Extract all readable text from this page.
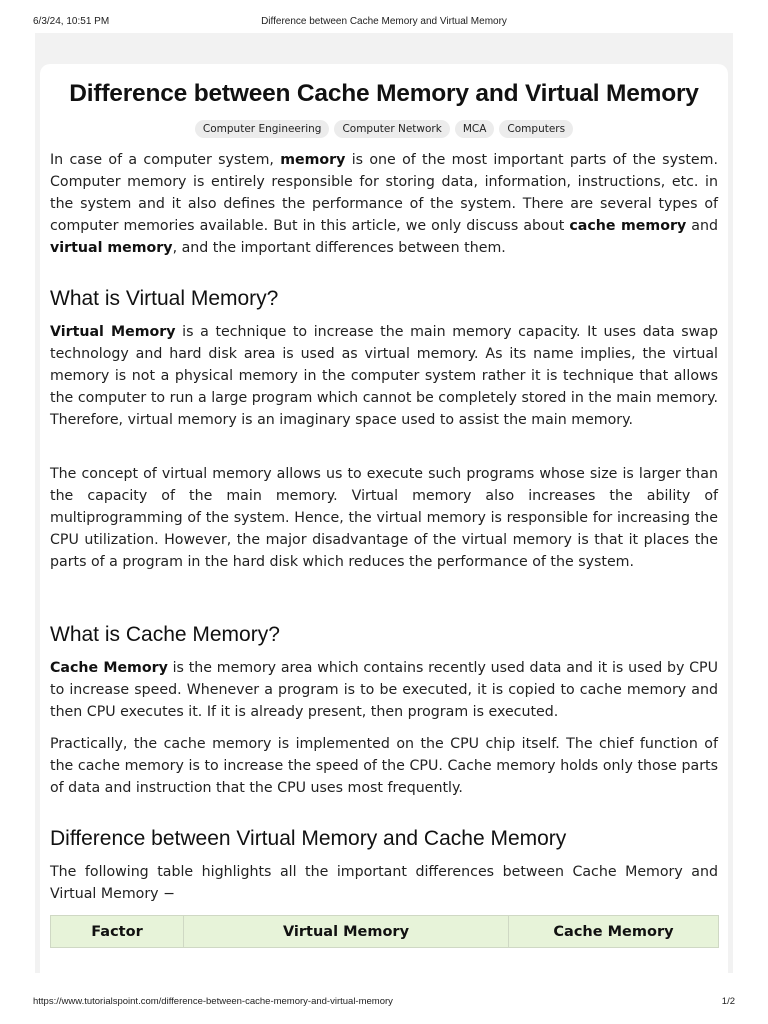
6/3/24, 10:51 PM	Difference between Cache Memory and Virtual Memory
Difference between Cache Memory and Virtual Memory
Computer Engineering	Computer Network	MCA	Computers

In case of a computer system, memory is one of the most important parts of the system. Computer memory is entirely responsible for storing data, information, instructions, etc. in the system and it also defines the performance of the system. There are several types of computer memories available. But in this article, we only discuss about cache memory and virtual memory, and the important differences between them.

What is Virtual Memory?

Virtual Memory is a technique to increase the main memory capacity. It uses data swap technology and hard disk area is used as virtual memory. As its name implies, the virtual memory is not a physical memory in the computer system rather it is technique that allows the computer to run a large program which cannot be completely stored in the main memory. Therefore, virtual memory is an imaginary space used to assist the main memory.

The concept of virtual memory allows us to execute such programs whose size is larger than the capacity of the main memory. Virtual memory also increases the ability of multiprogramming of the system. Hence, the virtual memory is responsible for increasing the CPU utilization. However, the major disadvantage of the virtual memory is that it places the parts of a program in the hard disk which reduces the performance of the system.

What is Cache Memory?

Cache Memory is the memory area which contains recently used data and it is used by CPU to increase speed. Whenever a program is to be executed, it is copied to cache memory and then CPU executes it. If it is already present, then program is executed.

Practically, the cache memory is implemented on the CPU chip itself. The chief function of the cache memory is to increase the speed of the CPU. Cache memory holds only those parts of data and instruction that the CPU uses most frequently.

Difference between Virtual Memory and Cache Memory

The following table highlights all the important differences between Cache Memory and Virtual Memory −

Factor	Virtual Memory	Cache Memory
https://www.tutorialspoint.com/difference-between-cache-memory-and-virtual-memory	1/2
